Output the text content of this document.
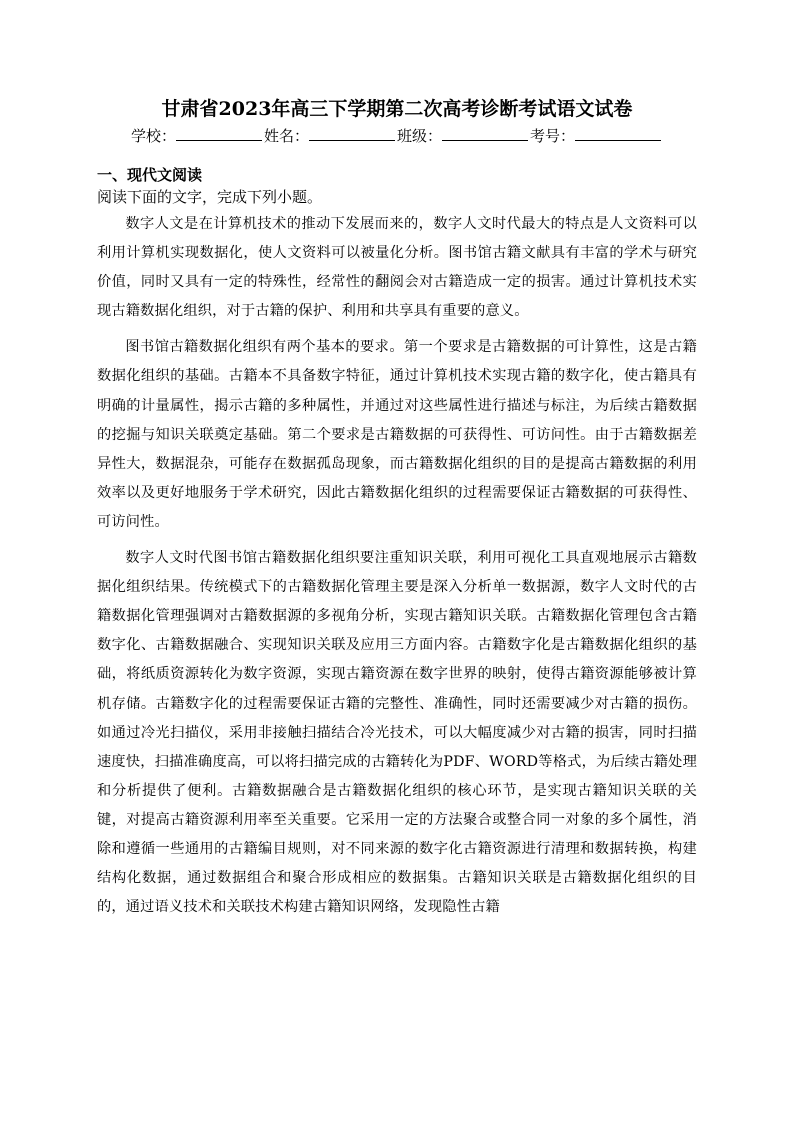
甘肃省2023年高三下学期第二次高考诊断考试语文试卷
学校：	姓名：	班级：	考号：
一、现代文阅读
阅读下面的文字，完成下列小题。

数字人文是在计算机技术的推动下发展而来的，数字人文时代最大的特点是人文资料可以利用计算机实现数据化，使人文资料可以被量化分析。图书馆古籍文献具有丰富的学术与研究价值，同时又具有一定的特殊性，经常性的翻阅会对古籍造成一定的损害。通过计算机技术实现古籍数据化组织，对于古籍的保护、利用和共享具有重要的意义。

图书馆古籍数据化组织有两个基本的要求。第一个要求是古籍数据的可计算性，这是古籍数据化组织的基础。古籍本不具备数字特征，通过计算机技术实现古籍的数字化，使古籍具有明确的计量属性，揭示古籍的多种属性，并通过对这些属性进行描述与标注，为后续古籍数据的挖掘与知识关联奠定基础。第二个要求是古籍数据的可获得性、可访问性。由于古籍数据差异性大，数据混杂，可能存在数据孤岛现象，而古籍数据化组织的目的是提高古籍数据的利用效率以及更好地服务于学术研究，因此古籍数据化组织的过程需要保证古籍数据的可获得性、可访问性。

数字人文时代图书馆古籍数据化组织要注重知识关联，利用可视化工具直观地展示古籍数据化组织结果。传统模式下的古籍数据化管理主要是深入分析单一数据源，数字人文时代的古籍数据化管理强调对古籍数据源的多视角分析，实现古籍知识关联。古籍数据化管理包含古籍数字化、古籍数据融合、实现知识关联及应用三方面内容。古籍数字化是古籍数据化组织的基础，将纸质资源转化为数字资源，实现古籍资源在数字世界的映射，使得古籍资源能够被计算机存储。古籍数字化的过程需要保证古籍的完整性、准确性，同时还需要减少对古籍的损伤。如通过冷光扫描仪，采用非接触扫描结合冷光技术，可以大幅度减少对古籍的损害，同时扫描速度快，扫描准确度高，可以将扫描完成的古籍转化为PDF、WORD等格式，为后续古籍处理和分析提供了便利。古籍数据融合是古籍数据化组织的核心环节，是实现古籍知识关联的关键，对提高古籍资源利用率至关重要。它采用一定的方法聚合或整合同一对象的多个属性，消除和遵循一些通用的古籍编目规则，对不同来源的数字化古籍资源进行清理和数据转换，构建结构化数据，通过数据组合和聚合形成相应的数据集。古籍知识关联是古籍数据化组织的目的，通过语义技术和关联技术构建古籍知识网络，发现隐性古籍
